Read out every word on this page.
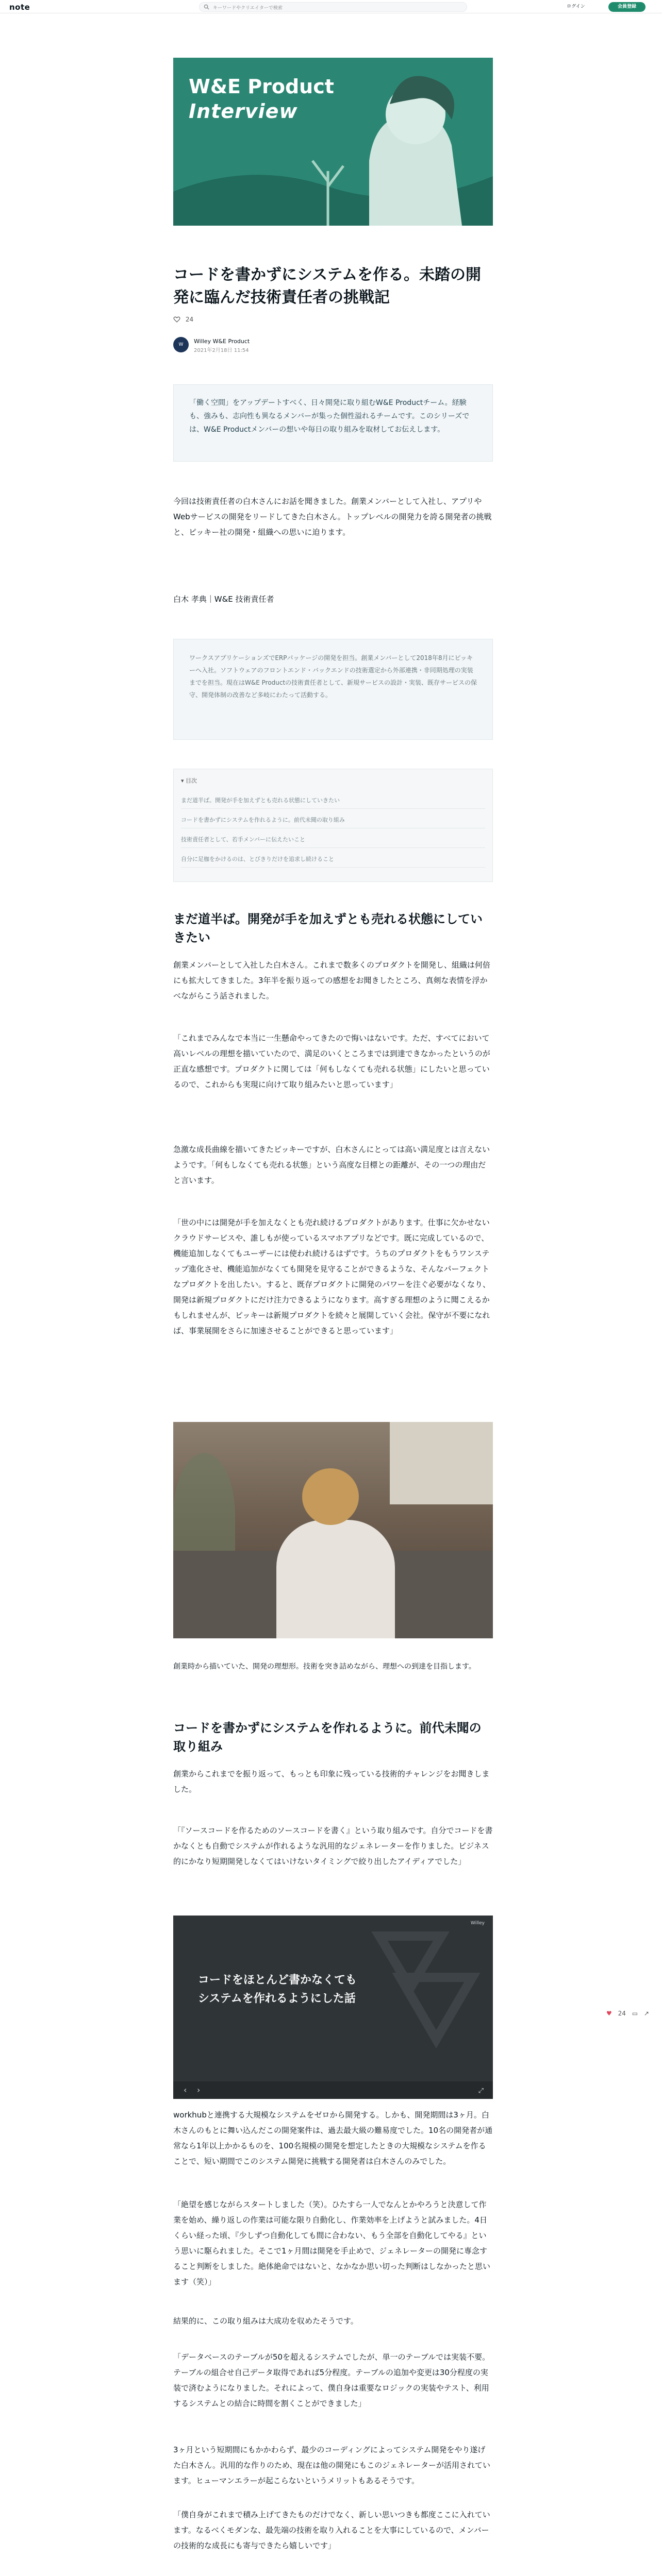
note	キーワードやクリエイターで検索	ログイン	会員登録
W&E Product
Interview
コードを書かずにシステムを作る。未踏の開発に臨んだ技術責任者の挑戦記
24
W	Willey W&E Product
2021年2月18日 11:54

「働く空間」をアップデートすべく、日々開発に取り組むW&E Productチーム。経験も、強みも、志向性も異なるメンバーが集った個性溢れるチームです。このシリーズでは、W&E Productメンバーの想いや毎日の取り組みを取材してお伝えします。

今回は技術責任者の白木さんにお話を聞きました。創業メンバーとして入社し、アプリやWebサービスの開発をリードしてきた白木さん。トップレベルの開発力を誇る開発者の挑戦と、ピッキー社の開発・組織への思いに迫ります。
白木 孝典｜W&E 技術責任者

ワークスアプリケーションズでERPパッケージの開発を担当。創業メンバーとして2018年8月にピッキーへ入社。ソフトウェアのフロントエンド・バックエンドの技術選定から外部連携・非同期処理の実装までを担当。現在はW&E Productの技術責任者として、新規サービスの設計・実装、既存サービスの保守、開発体制の改善など多岐にわたって活動する。

▾ 目次
まだ道半ば。開発が手を加えずとも売れる状態にしていきたい
コードを書かずにシステムを作れるように。前代未聞の取り組み
技術責任者として、若手メンバーに伝えたいこと
自分に足枷をかけるのは、とびきりだけを追求し続けること
まだ道半ば。開発が手を加えずとも売れる状態にしていきたい
創業メンバーとして入社した白木さん。これまで数多くのプロダクトを開発し、組織は何倍にも拡大してきました。3年半を振り返っての感想をお聞きしたところ、真剣な表情を浮かべながらこう話されました。
「これまでみんなで本当に一生懸命やってきたので悔いはないです。ただ、すべてにおいて高いレベルの理想を描いていたので、満足のいくところまでは到達できなかったというのが正直な感想です。プロダクトに関しては「何もしなくても売れる状態」にしたいと思っているので、これからも実現に向けて取り組みたいと思っています」
急激な成長曲線を描いてきたピッキーですが、白木さんにとっては高い満足度とは言えないようです。「何もしなくても売れる状態」という高度な目標との距離が、その一つの理由だと言います。
「世の中には開発が手を加えなくとも売れ続けるプロダクトがあります。仕事に欠かせないクラウドサービスや、誰しもが使っているスマホアプリなどです。既に完成しているので、機能追加しなくてもユーザーには使われ続けるはずです。うちのプロダクトをもうワンステップ進化させ、機能追加がなくても開発を見守ることができるような、そんなパーフェクトなプロダクトを出したい。すると、既存プロダクトに開発のパワーを注ぐ必要がなくなり、開発は新規プロダクトにだけ注力できるようになります。高すぎる理想のように聞こえるかもしれませんが、ピッキーは新規プロダクトを続々と展開していく会社。保守が不要になれば、事業展開をさらに加速させることができると思っています」
創業時から描いていた、開発の理想形。技術を突き詰めながら、理想への到達を目指します。
コードを書かずにシステムを作れるように。前代未聞の取り組み
創業からこれまでを振り返って、もっとも印象に残っている技術的チャレンジをお聞きしました。
「『ソースコードを作るためのソースコードを書く』という取り組みです。自分でコードを書かなくとも自動でシステムが作れるような汎用的なジェネレーターを作りました。ビジネス的にかなり短期開発しなくてはいけないタイミングで絞り出したアイディアでした」
Willey
コードをほとんど書かなくても
システムを作れるようにした話
‹ ›	⤢
workhubと連携する大規模なシステムをゼロから開発する。しかも、開発期間は3ヶ月。白木さんのもとに舞い込んだこの開発案件は、過去最大級の難易度でした。10名の開発者が通常なら1年以上かかるものを、100名規模の開発を想定したときの大規模なシステムを作ることで、短い期間でこのシステム開発に挑戦する開発者は白木さんのみでした。
「絶望を感じながらスタートしました（笑）。ひたすら一人でなんとかやろうと決意して作業を始め、繰り返しの作業は可能な限り自動化し、作業効率を上げようと試みました。4日くらい経った頃、『少しずつ自動化しても間に合わない、もう全部を自動化してやる』という思いに駆られました。そこで1ヶ月間は開発を手止めで、ジェネレーターの開発に専念すること判断をしました。絶体絶命ではないと、なかなか思い切った判断はしなかったと思います（笑）」
結果的に、この取り組みは大成功を収めたそうです。
「データベースのテーブルが50を超えるシステムでしたが、単一のテーブルでは実装不要。テーブルの組合せ自己データ取得であれば5分程度。テーブルの追加や変更は30分程度の実装で済むようになりました。それによって、僕自身は重要なロジックの実装やテスト、利用するシステムとの結合に時間を割くことができました」
3ヶ月という短期間にもかかわらず、最少のコーディングによってシステム開発をやり遂げた白木さん。汎用的な作りのため、現在は他の開発にもこのジェネレーターが活用されています。ヒューマンエラーが起こらないというメリットもあるそうです。
「僕自身がこれまで積み上げてきたものだけでなく、新しい思いつきも都度ここに入れています。なるべくモダンな、最先端の技術を取り入れることを大事にしているので、メンバーの技術的な成長にも寄与できたら嬉しいです」
♥ 24 ▭ ↗
